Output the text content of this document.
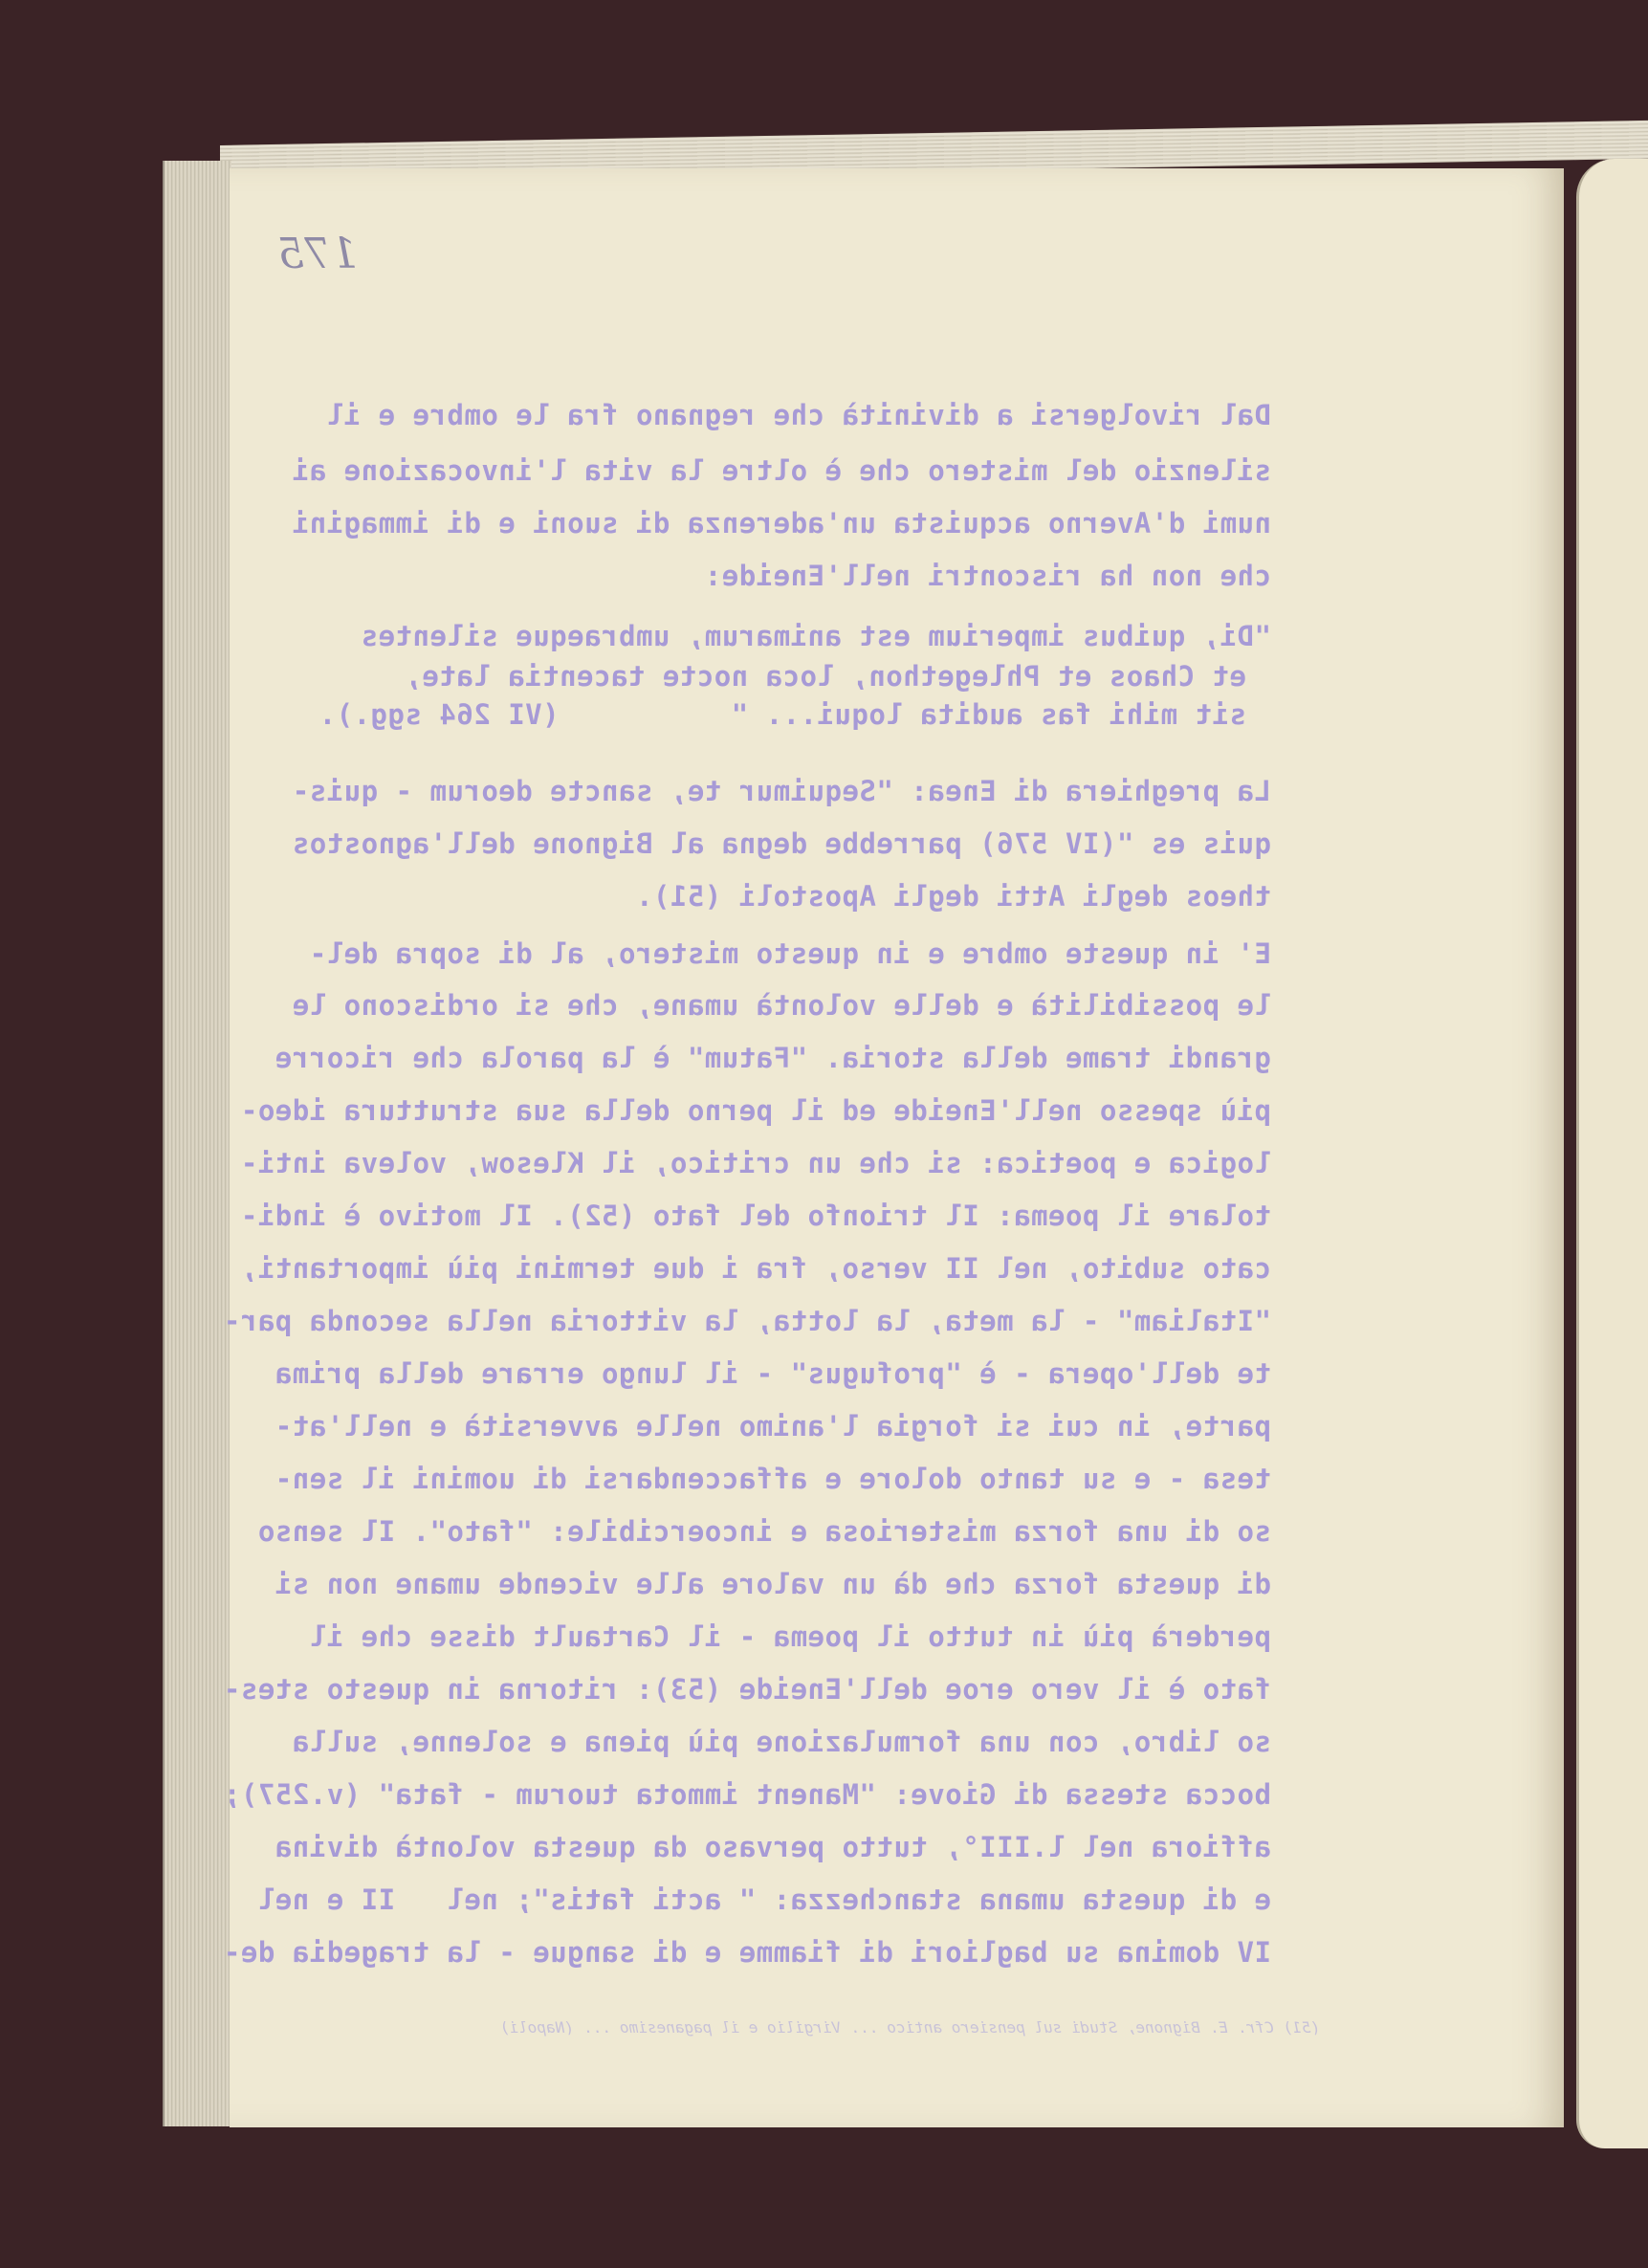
175
Dal rivolgersi a divinità che regnano fra le ombre e il
silenzio del mistero che è oltre la vita l'invocazione ai
numi d'Averno acquista un'aderenza di suoni e di immagini
che non ha riscontri nell'Eneide:
"Di, quibus imperium est animarum, umbraeque silentes
et Chaos et Phlegethon, loca nocte tacentia late,
sit mihi fas audita loqui... "          (VI 264 sgg.).
La preghiera di Enea: "Sequimur te, sancte deorum - quis-
quis es "(IV 576) parrebbe degna al Bignone dell'agnostos
theos degli Atti degli Apostoli (51).
E' in queste ombre e in questo mistero, al di sopra del-
le possibilità e delle volontà umane, che si ordiscono le
grandi trame della storia. "Fatum" è la parola che ricorre
più spesso nell'Eneide ed il perno della sua struttura ideo-
logica e poetica: si che un critico, il Klesow, voleva inti-
tolare il poema: Il trionfo del fato (52). Il motivo è indi-
cato subito, nel II verso, fra i due termini più importanti,
"Italiam" - la meta, la lotta, la vittoria nella seconda par-
te dell'opera - è "profugus" - il lungo errare della prima
parte, in cui si forgia l'animo nelle avversità e nell'at-
tesa - e su tanto dolore e affaccendarsi di uomini il sen-
so di una forza misteriosa e incoercibile: "fato". Il senso
di questa forza che dà un valore alle vicende umane non si
perderà più in tutto il poema - il Cartault disse che il
fato è il vero eroe dell'Eneide (53): ritorna in questo stes-
so libro, con una formulazione più piena e solenne, sulla
bocca stessa di Giove: "Manent immota tuorum - fata" (v.257);
affiora nel l.III°, tutto pervaso da questa volontà divina
e di questa umana stanchezza: " acti fatis"; nel   II e nel
IV domina su bagliori di fiamme e di sangue - la tragedia de-
(51) Cfr. E. Bignone, Studi sul pensiero antico ... Virgilio e il paganesimo ... (Napoli)
